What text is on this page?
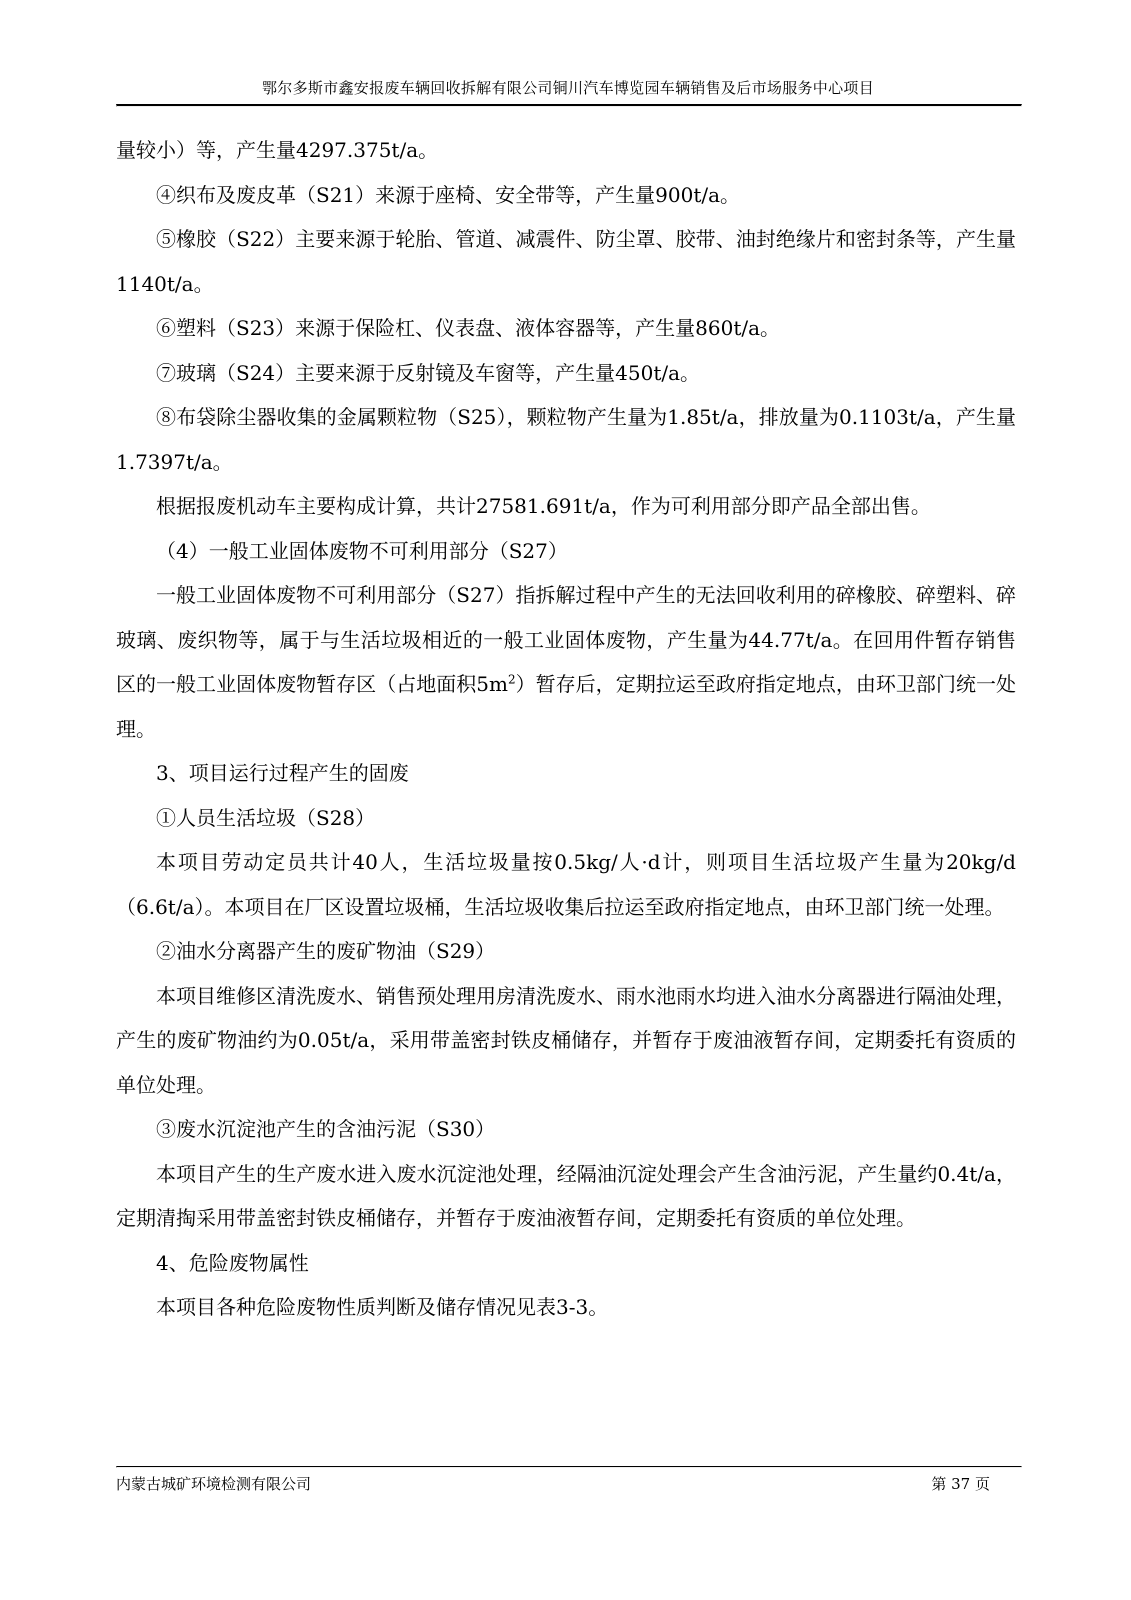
鄂尔多斯市鑫安报废车辆回收拆解有限公司铜川汽车博览园车辆销售及后市场服务中心项目

量较小）等，产生量4297.375t/a。

④织布及废皮革（S21）来源于座椅、安全带等，产生量900t/a。

⑤橡胶（S22）主要来源于轮胎、管道、减震件、防尘罩、胶带、油封绝缘片和密封条等，产生量1140t/a。

⑥塑料（S23）来源于保险杠、仪表盘、液体容器等，产生量860t/a。

⑦玻璃（S24）主要来源于反射镜及车窗等，产生量450t/a。

⑧布袋除尘器收集的金属颗粒物（S25），颗粒物产生量为1.85t/a，排放量为0.1103t/a，产生量1.7397t/a。

根据报废机动车主要构成计算，共计27581.691t/a，作为可利用部分即产品全部出售。

（4）一般工业固体废物不可利用部分（S27）

一般工业固体废物不可利用部分（S27）指拆解过程中产生的无法回收利用的碎橡胶、碎塑料、碎玻璃、废织物等，属于与生活垃圾相近的一般工业固体废物，产生量为44.77t/a。在回用件暂存销售区的一般工业固体废物暂存区（占地面积$5m^2$）暂存后，定期拉运至政府指定地点，由环卫部门统一处理。

3、项目运行过程产生的固废

①人员生活垃圾（S28）

本项目劳动定员共计40人，生活垃圾量按0.5kg/人·d计，则项目生活垃圾产生量为20kg/d（6.6t/a）。本项目在厂区设置垃圾桶，生活垃圾收集后拉运至政府指定地点，由环卫部门统一处理。

②油水分离器产生的废矿物油（S29）

本项目维修区清洗废水、销售预处理用房清洗废水、雨水池雨水均进入油水分离器进行隔油处理，产生的废矿物油约为0.05t/a，采用带盖密封铁皮桶储存，并暂存于废油液暂存间，定期委托有资质的单位处理。

③废水沉淀池产生的含油污泥（S30）

本项目产生的生产废水进入废水沉淀池处理，经隔油沉淀处理会产生含油污泥，产生量约0.4t/a，定期清掏采用带盖密封铁皮桶储存，并暂存于废油液暂存间，定期委托有资质的单位处理。

4、危险废物属性

本项目各种危险废物性质判断及储存情况见表3-3。

内蒙古城矿环境检测有限公司	第 37 页
